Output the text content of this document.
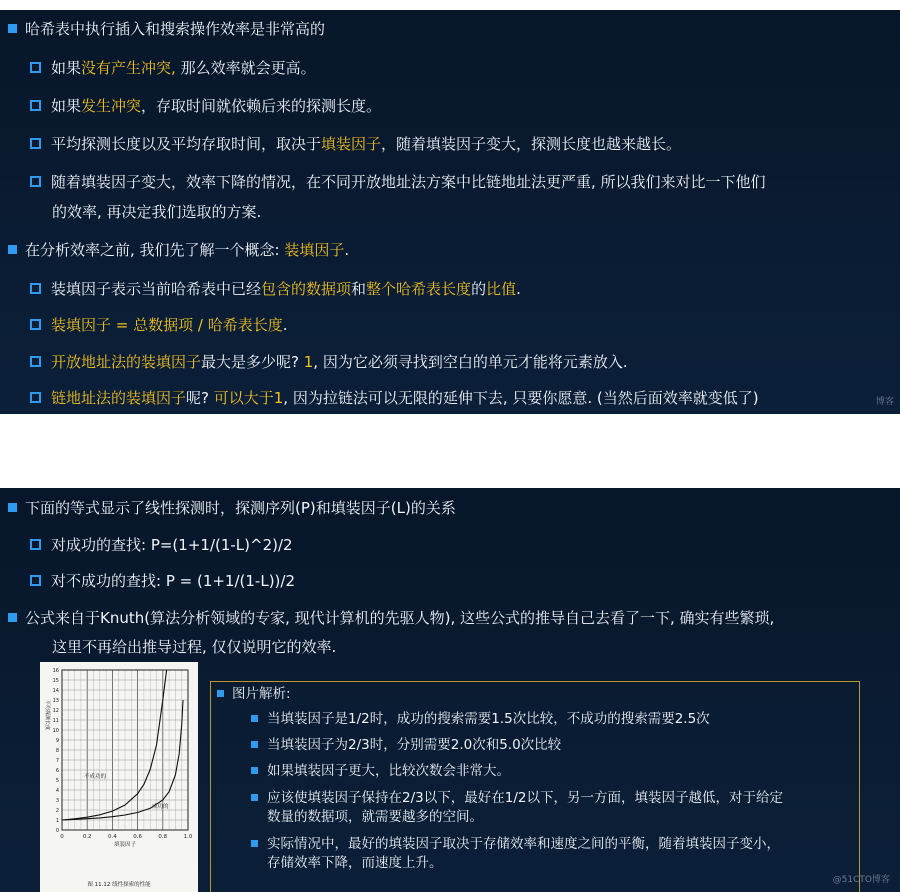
哈希表中执行插入和搜索操作效率是非常高的
如果没有产生冲突, 那么效率就会更高。
如果发生冲突，存取时间就依赖后来的探测长度。
平均探测长度以及平均存取时间，取决于填装因子，随着填装因子变大，探测长度也越来越长。
随着填装因子变大，效率下降的情况，在不同开放地址法方案中比链地址法更严重, 所以我们来对比一下他们
的效率, 再决定我们选取的方案.
在分析效率之前, 我们先了解一个概念: 装填因子.
装填因子表示当前哈希表中已经包含的数据项和整个哈希表长度的比值.
装填因子 = 总数据项 / 哈希表长度.
开放地址法的装填因子最大是多少呢? 1, 因为它必须寻找到空白的单元才能将元素放入.
链地址法的装填因子呢? 可以大于1, 因为拉链法可以无限的延伸下去, 只要你愿意. (当然后面效率就变低了)	博客
下面的等式显示了线性探测时，探测序列(P)和填装因子(L)的关系
对成功的查找: P=(1+1/(1-L)^2)/2
对不成功的查找: P = (1+1/(1-L))/2
公式来自于Knuth(算法分析领域的专家, 现代计算机的先驱人物), 这些公式的推导自己去看了一下, 确实有些繁琐,
这里不再给出推导过程, 仅仅说明它的效率.
0
1
2
3
4
5
6
7
8
9
10
11
12
13
14
15
16
0	0.2	0.4	0.6	0.8	1.0
不成功的
成功的
填装因子
平均探测长度
图 11.12 线性探索的性能
图片解析:
当填装因子是1/2时，成功的搜索需要1.5次比较，不成功的搜索需要2.5次
当填装因子为2/3时，分别需要2.0次和5.0次比较
如果填装因子更大，比较次数会非常大。
应该使填装因子保持在2/3以下，最好在1/2以下，另一方面，填装因子越低，对于给定
数量的数据项，就需要越多的空间。
实际情况中，最好的填装因子取决于存储效率和速度之间的平衡，随着填装因子变小，
存储效率下降，而速度上升。
@51CTO博客
